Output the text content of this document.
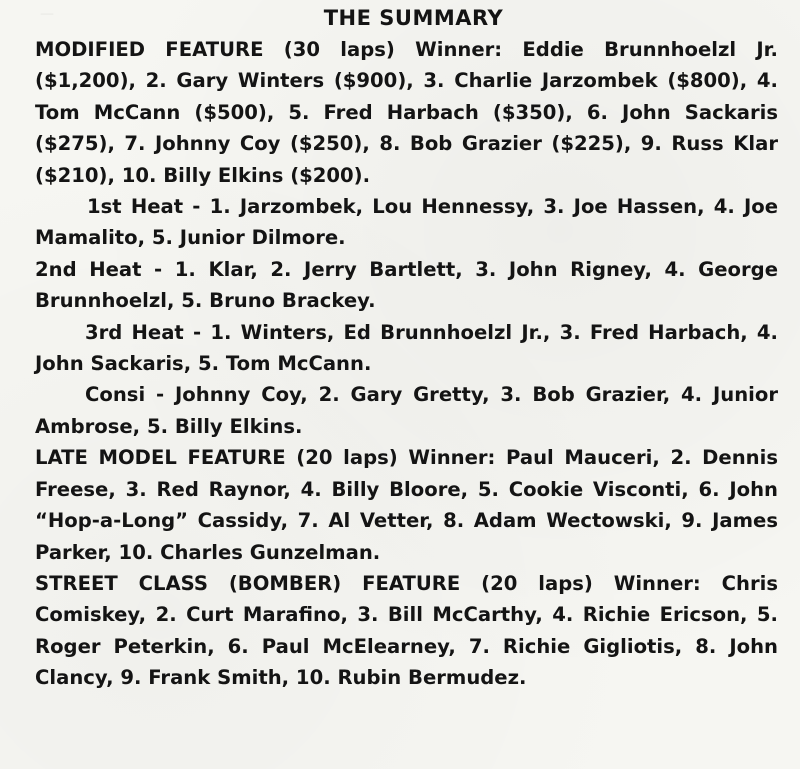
—	THE SUMMARY

MODIFIED FEATURE (30 laps) Winner: Eddie Brunnhoelzl Jr. ($1,200), 2. Gary Winters ($900), 3. Charlie Jarzombek ($800), 4. Tom McCann ($500), 5. Fred Harbach ($350), 6. John Sackaris ($275), 7. Johnny Coy ($250), 8. Bob Grazier ($225), 9. Russ Klar ($210), 10. Billy Elkins ($200).

1st Heat - 1. Jarzombek, Lou Hennessy, 3. Joe Hassen, 4. Joe Mamalito, 5. Junior Dilmore.

2nd Heat - 1. Klar, 2. Jerry Bartlett, 3. John Rigney, 4. George Brunnhoelzl, 5. Bruno Brackey.

3rd Heat - 1. Winters, Ed Brunnhoelzl Jr., 3. Fred Harbach, 4. John Sackaris, 5. Tom McCann.

Consi - Johnny Coy, 2. Gary Gretty, 3. Bob Grazier, 4. Junior Ambrose, 5. Billy Elkins.

LATE MODEL FEATURE (20 laps) Winner: Paul Mauceri, 2. Dennis Freese, 3. Red Raynor, 4. Billy Bloore, 5. Cookie Visconti, 6. John “Hop-a-Long” Cassidy, 7. Al Vetter, 8. Adam Wectowski, 9. James Parker, 10. Charles Gunzelman.

STREET CLASS (BOMBER) FEATURE (20 laps) Winner: Chris Comiskey, 2. Curt Marafino, 3. Bill McCarthy, 4. Richie Ericson, 5. Roger Peterkin, 6. Paul McElearney, 7. Richie Gigliotis, 8. John Clancy, 9. Frank Smith, 10. Rubin Bermudez.
